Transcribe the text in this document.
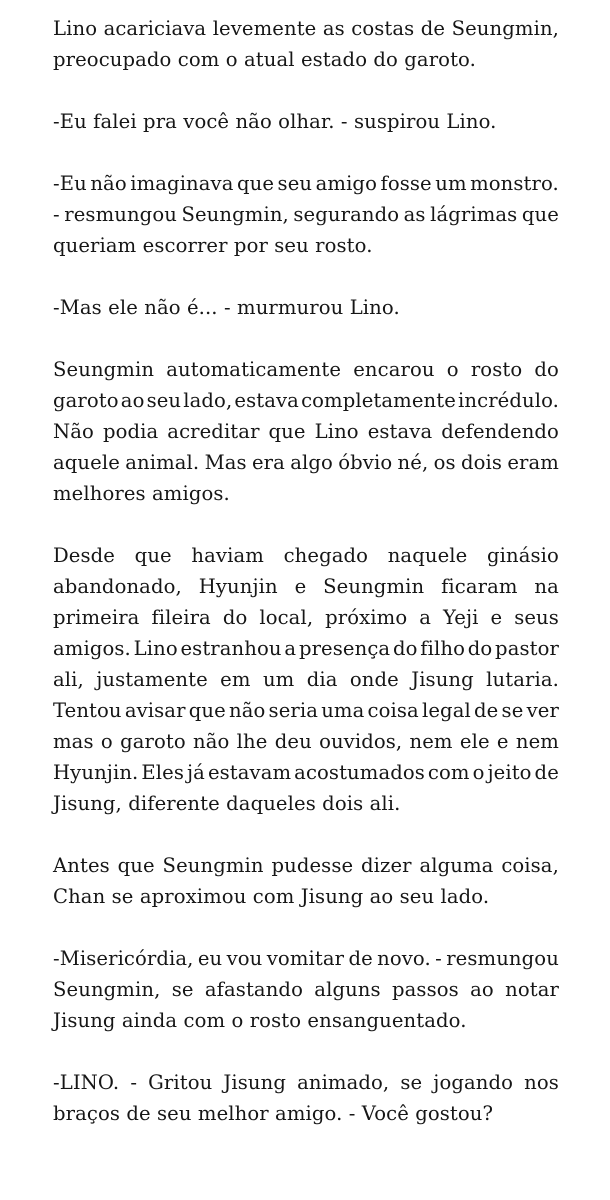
Lino acariciava levemente as costas de Seungmin,
preocupado com o atual estado do garoto.
-Eu falei pra você não olhar. - suspirou Lino.
-Eu não imaginava que seu amigo fosse um monstro.
- resmungou Seungmin, segurando as lágrimas que
queriam escorrer por seu rosto.
-Mas ele não é... - murmurou Lino.
Seungmin automaticamente encarou o rosto do
garoto ao seu lado, estava completamente incrédulo.
Não podia acreditar que Lino estava defendendo
aquele animal. Mas era algo óbvio né, os dois eram
melhores amigos.
Desde que haviam chegado naquele ginásio
abandonado, Hyunjin e Seungmin ficaram na
primeira fileira do local, próximo a Yeji e seus
amigos. Lino estranhou a presença do filho do pastor
ali, justamente em um dia onde Jisung lutaria.
Tentou avisar que não seria uma coisa legal de se ver
mas o garoto não lhe deu ouvidos, nem ele e nem
Hyunjin. Eles já estavam acostumados com o jeito de
Jisung, diferente daqueles dois ali.
Antes que Seungmin pudesse dizer alguma coisa,
Chan se aproximou com Jisung ao seu lado.
-Misericórdia, eu vou vomitar de novo. - resmungou
Seungmin, se afastando alguns passos ao notar
Jisung ainda com o rosto ensanguentado.
-LINO. - Gritou Jisung animado, se jogando nos
braços de seu melhor amigo. - Você gostou?
